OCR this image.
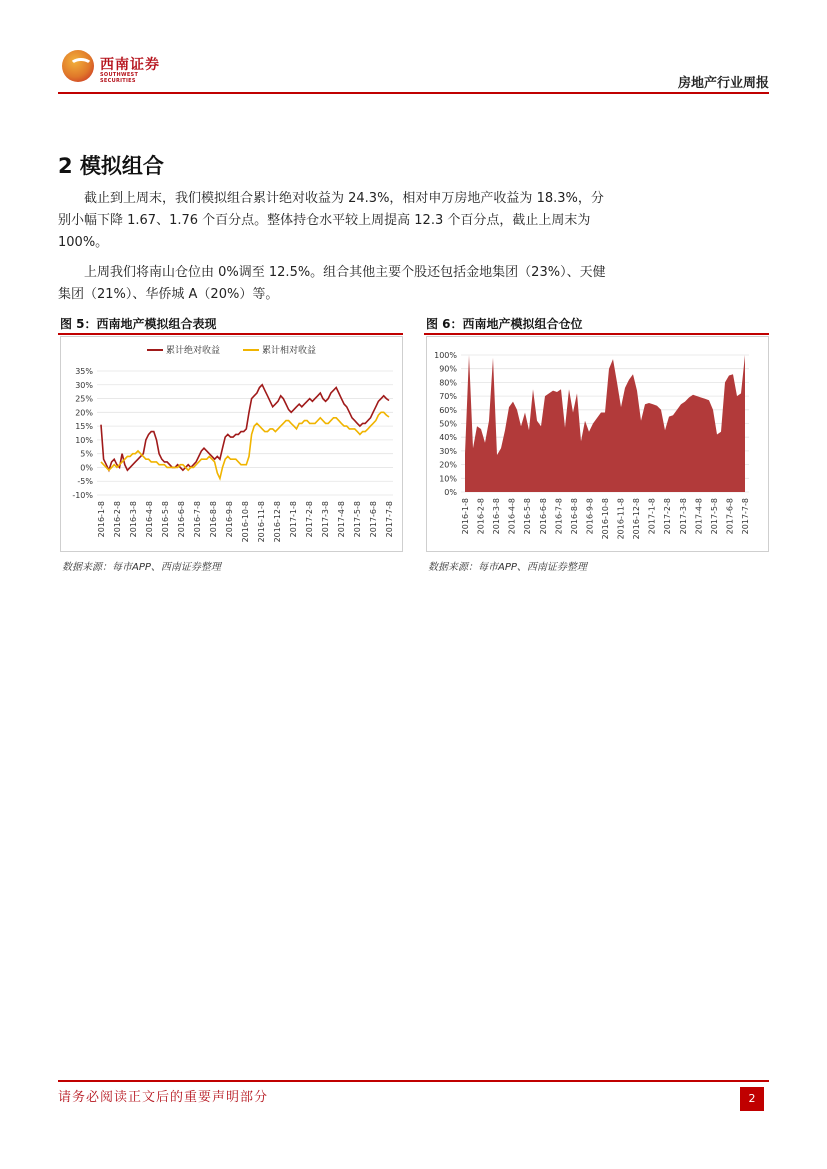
西南证券
SOUTHWEST SECURITIES	房地产行业周报
2 模拟组合

截止到上周末，我们模拟组合累计绝对收益为 24.3%，相对申万房地产收益为 18.3%，分别小幅下降 1.67、1.76 个百分点。整体持仓水平较上周提高 12.3 个百分点，截止上周末为 100%。

上周我们将南山仓位由 0%调至 12.5%。组合其他主要个股还包括金地集团（23%）、天健集团（21%）、华侨城 A（20%）等。

图 5：西南地产模拟组合表现
-10%
-5%
0%
5%
10%
15%
20%
25%
30%
35%
2016-1-8 2016-2-8 2016-3-8 2016-4-8 2016-5-8 2016-6-8 2016-7-8 2016-8-8 2016-9-8 2016-10-8 2016-11-8 2016-12-8 2017-1-8 2017-2-8 2017-3-8 2017-4-8 2017-5-8 2017-6-8 2017-7-8
累计绝对收益	累计相对收益
数据来源：每市APP、西南证券整理
图 6：西南地产模拟组合仓位
0%
10%
20%
30%
40%
50%
60%
70%
80%
90%
100%
2016-1-8 2016-2-8 2016-3-8 2016-4-8 2016-5-8 2016-6-8 2016-7-8 2016-8-8 2016-9-8 2016-10-8 2016-11-8 2016-12-8 2017-1-8 2017-2-8 2017-3-8 2017-4-8 2017-5-8 2017-6-8 2017-7-8
数据来源：每市APP、西南证券整理
请务必阅读正文后的重要声明部分	2
